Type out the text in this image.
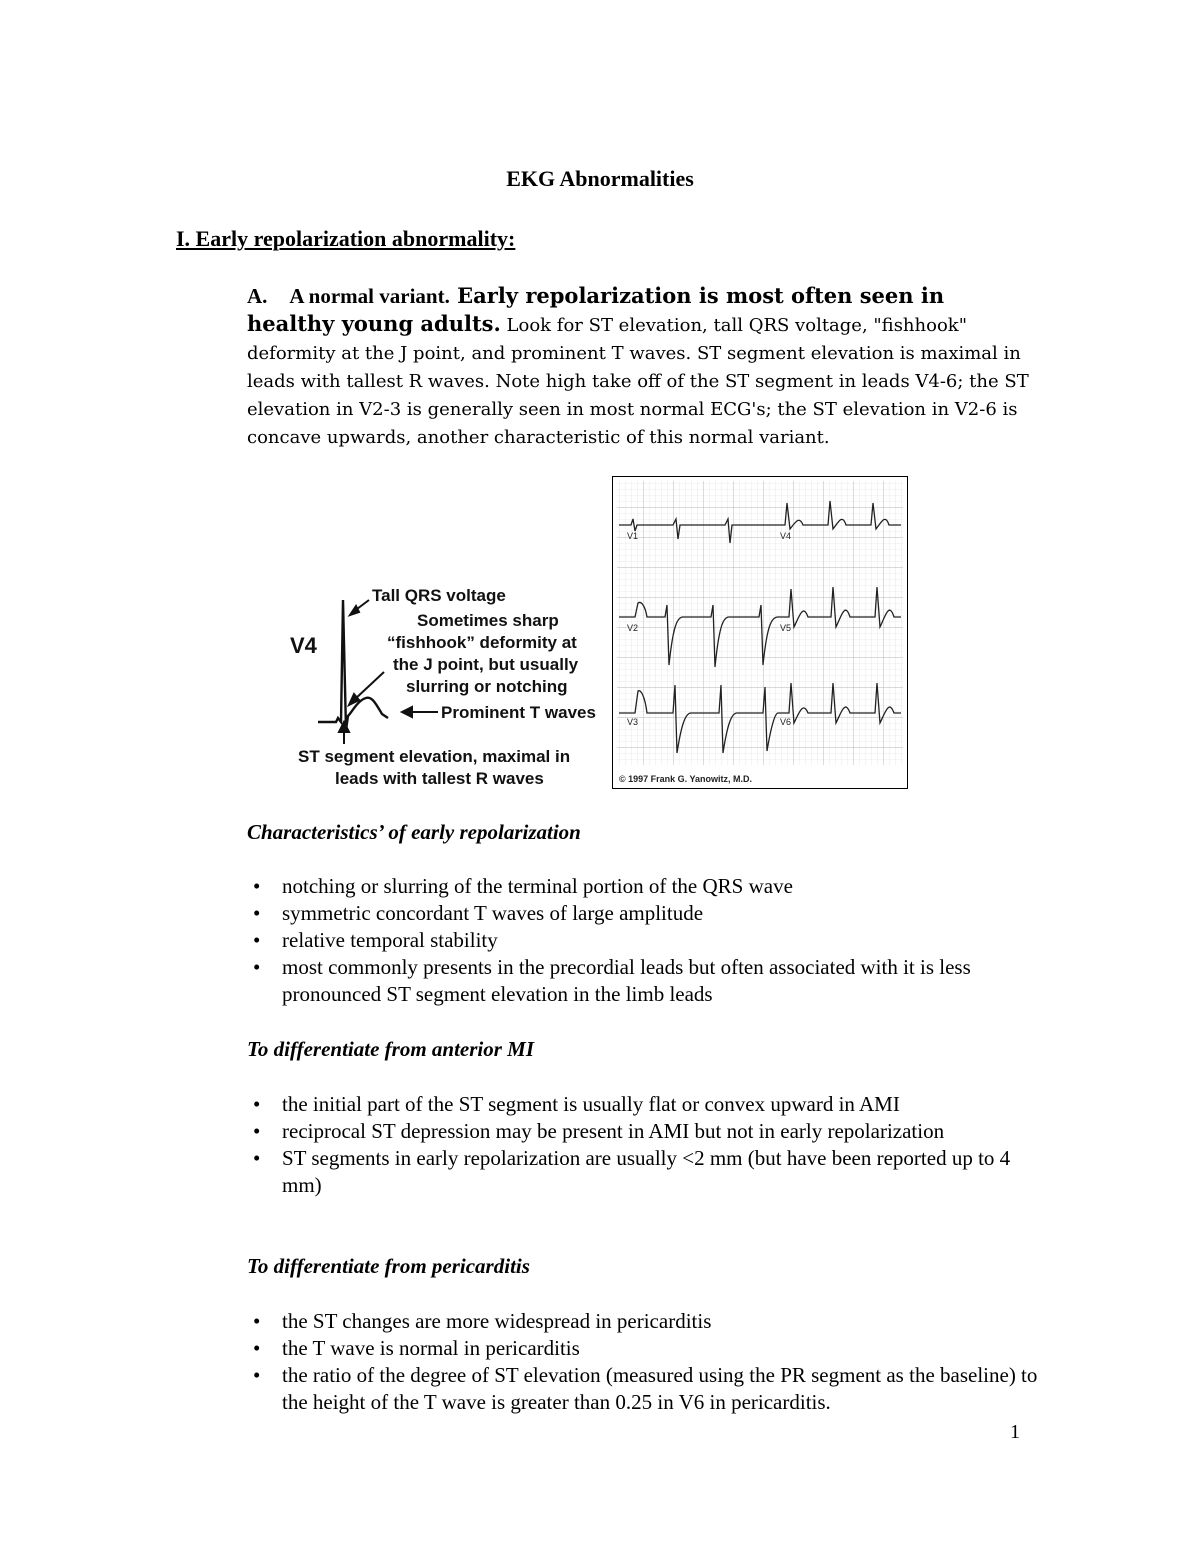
EKG Abnormalities
I. Early repolarization abnormality:
A. A normal variant. Early repolarization is most often seen in healthy young adults. Look for ST elevation, tall QRS voltage, "fishhook" deformity at the J point, and prominent T waves. ST segment elevation is maximal in leads with tallest R waves. Note high take off of the ST segment in leads V4-6; the ST elevation in V2-3 is generally seen in most normal ECG's; the ST elevation in V2-6 is concave upwards, another characteristic of this normal variant.
V4
Tall QRS voltage
Sometimes sharp
“fishhook” deformity at
the J point, but usually
slurring or notching
Prominent T waves
ST segment elevation, maximal in
leads with tallest R waves
V1	V4
V2	V5
V3	V6
© 1997 Frank G. Yanowitz, M.D.
Characteristics’ of early repolarization
• notching or slurring of the terminal portion of the QRS wave
• symmetric concordant T waves of large amplitude
• relative temporal stability
• most commonly presents in the precordial leads but often associated with it is less pronounced ST segment elevation in the limb leads
To differentiate from anterior MI
• the initial part of the ST segment is usually flat or convex upward in AMI
• reciprocal ST depression may be present in AMI but not in early repolarization
• ST segments in early repolarization are usually <2 mm (but have been reported up to 4 mm)
To differentiate from pericarditis
• the ST changes are more widespread in pericarditis
• the T wave is normal in pericarditis
• the ratio of the degree of ST elevation (measured using the PR segment as the baseline) to the height of the T wave is greater than 0.25 in V6 in pericarditis.
1
